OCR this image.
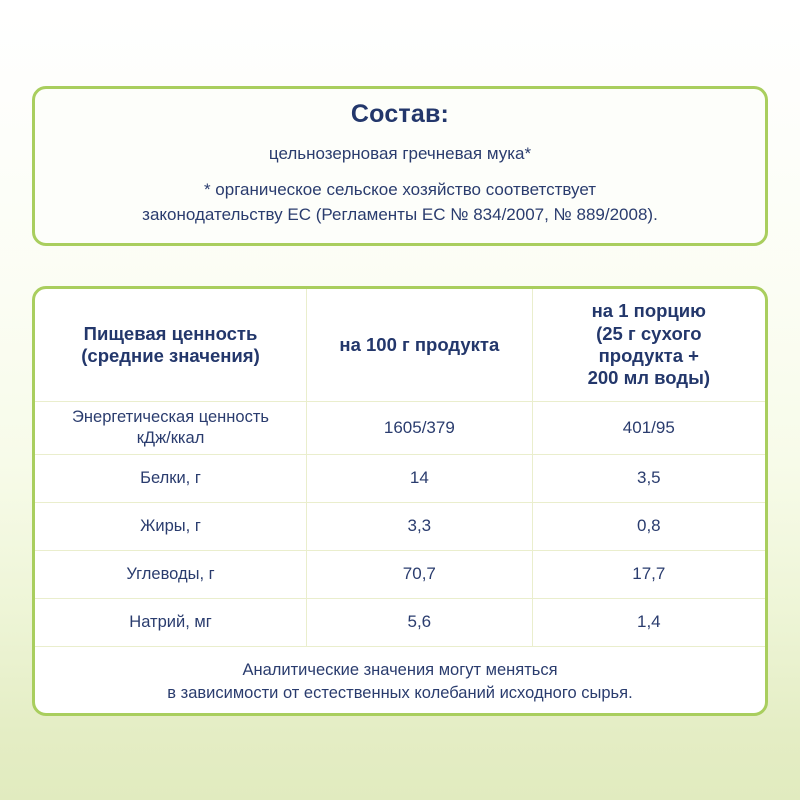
Состав:

цельнозерновая гречневая мука*

* органическое сельское хозяйство соответствует
законодательству ЕС (Регламенты ЕС № 834/2007, № 889/2008).
Пищевая ценность
(средние значения)	на 100 г продукта	на 1 порцию
(25 г сухого
продукта +
200 мл воды)
Энергетическая ценность
кДж/ккал	1605/379	401/95
Белки, г	14	3,5
Жиры, г	3,3	0,8
Углеводы, г	70,7	17,7
Натрий, мг	5,6	1,4

Аналитические значения могут меняться
в зависимости от естественных колебаний исходного сырья.		
